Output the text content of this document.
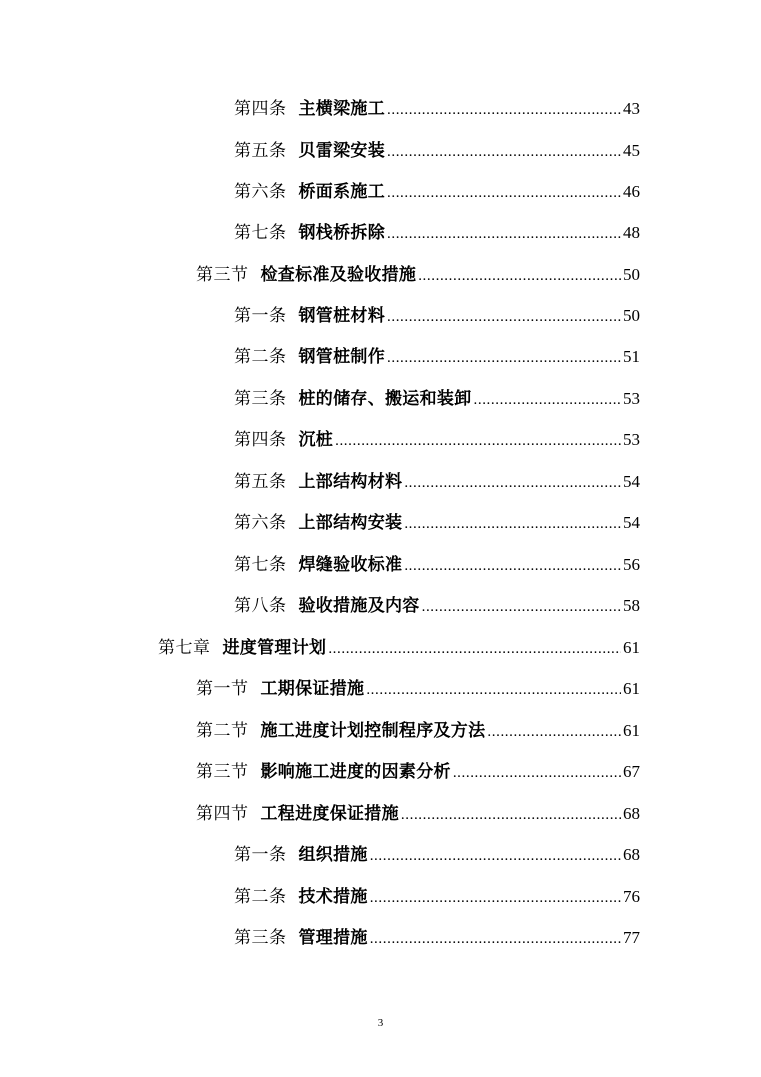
第四条 主横梁施工 .....	43
第五条 贝雷梁安装 .....	45
第六条 桥面系施工 .....	46
第七条 钢栈桥拆除 .....	48
第三节 检查标准及验收措施 .....	50
第一条 钢管桩材料 .....	50
第二条 钢管桩制作 .....	51
第三条 桩的储存、搬运和装卸 .....	53
第四条 沉桩 .....	53
第五条 上部结构材料 .....	54
第六条 上部结构安装 .....	54
第七条 焊缝验收标准 .....	56
第八条 验收措施及内容 .....	58
第七章 进度管理计划 .....	61
第一节 工期保证措施 .....	61
第二节 施工进度计划控制程序及方法 .....	61
第三节 影响施工进度的因素分析 .....	67
第四节 工程进度保证措施 .....	68
第一条 组织措施 .....	68
第二条 技术措施 .....	76
第三条 管理措施 .....	77
3
